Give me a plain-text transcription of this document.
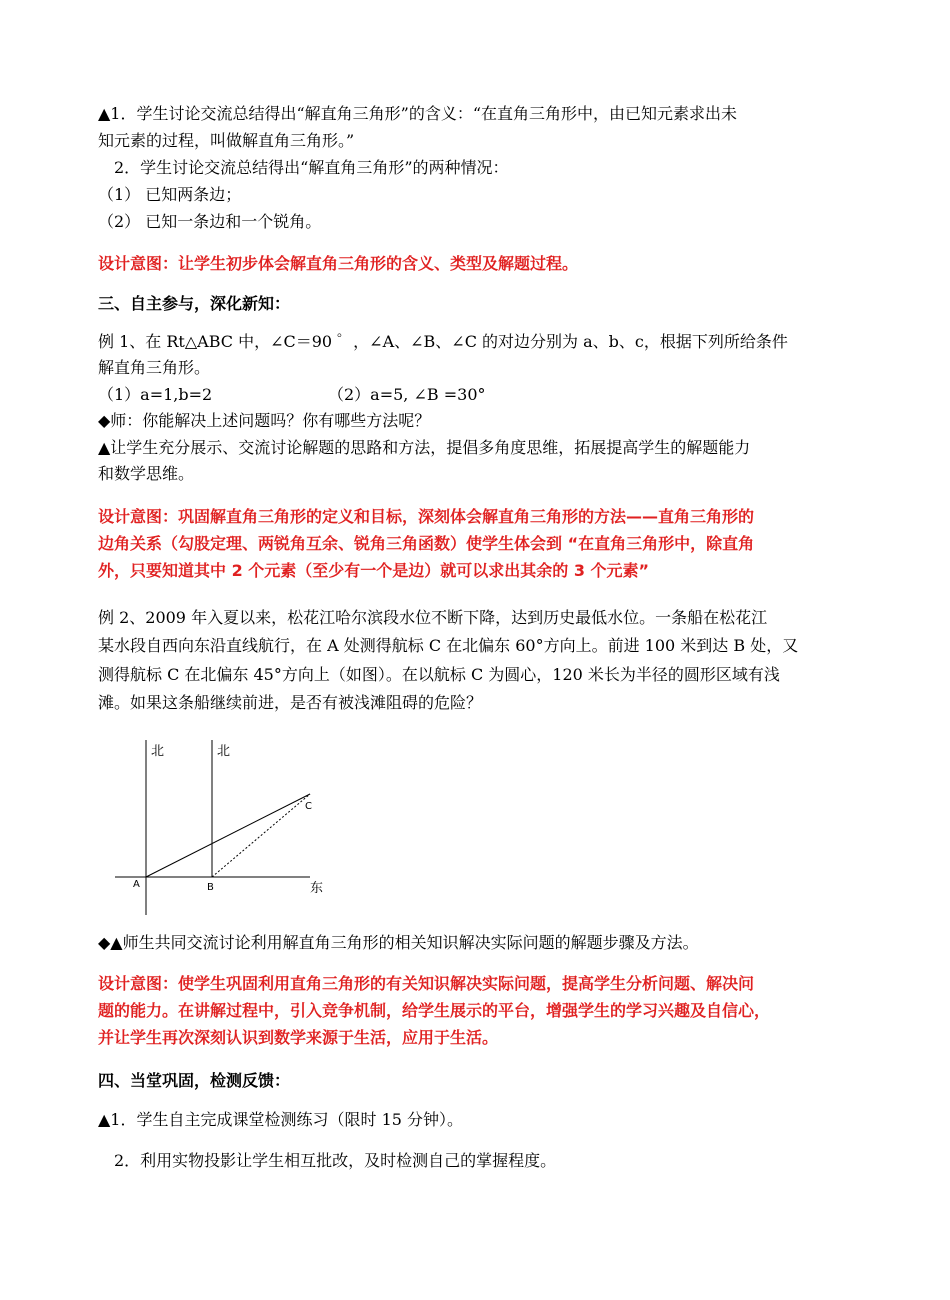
▲1．学生讨论交流总结得出“解直角三角形”的含义：“在直角三角形中，由已知元素求出未
知元素的过程，叫做解直角三角形。”
2．学生讨论交流总结得出“解直角三角形”的两种情况：
（1） 已知两条边；
（2） 已知一条边和一个锐角。
设计意图：让学生初步体会解直角三角形的含义、类型及解题过程。
三、自主参与，深化新知：
例 1、在 Rt△ABC 中，∠C＝90 ゜，∠A、∠B、∠C 的对边分别为 a、b、c，根据下列所给条件
解直角三角形。
（1）a=1,b=2	（2）a=5, ∠B =30°
◆师：你能解决上述问题吗？你有哪些方法呢？
▲让学生充分展示、交流讨论解题的思路和方法，提倡多角度思维，拓展提高学生的解题能力
和数学思维。
设计意图：巩固解直角三角形的定义和目标，深刻体会解直角三角形的方法——直角三角形的
边角关系（勾股定理、两锐角互余、锐角三角函数）使学生体会到 “在直角三角形中，除直角
外，只要知道其中 2 个元素（至少有一个是边）就可以求出其余的 3 个元素”
例 2、2009 年入夏以来，松花江哈尔滨段水位不断下降，达到历史最低水位。一条船在松花江
某水段自西向东沿直线航行，在 A 处测得航标 C 在北偏东 60°方向上。前进 100 米到达 B 处，又
测得航标 C 在北偏东 45°方向上（如图）。在以航标 C 为圆心，120 米长为半径的圆形区域有浅
滩。如果这条船继续前进，是否有被浅滩阻碍的危险？
北	北
东
A	B
C
◆▲师生共同交流讨论利用解直角三角形的相关知识解决实际问题的解题步骤及方法。
设计意图：使学生巩固利用直角三角形的有关知识解决实际问题，提高学生分析问题、解决问
题的能力。在讲解过程中，引入竞争机制，给学生展示的平台，增强学生的学习兴趣及自信心，
并让学生再次深刻认识到数学来源于生活，应用于生活。
四、当堂巩固，检测反馈：
▲1．学生自主完成课堂检测练习（限时 15 分钟）。
2．利用实物投影让学生相互批改，及时检测自己的掌握程度。
